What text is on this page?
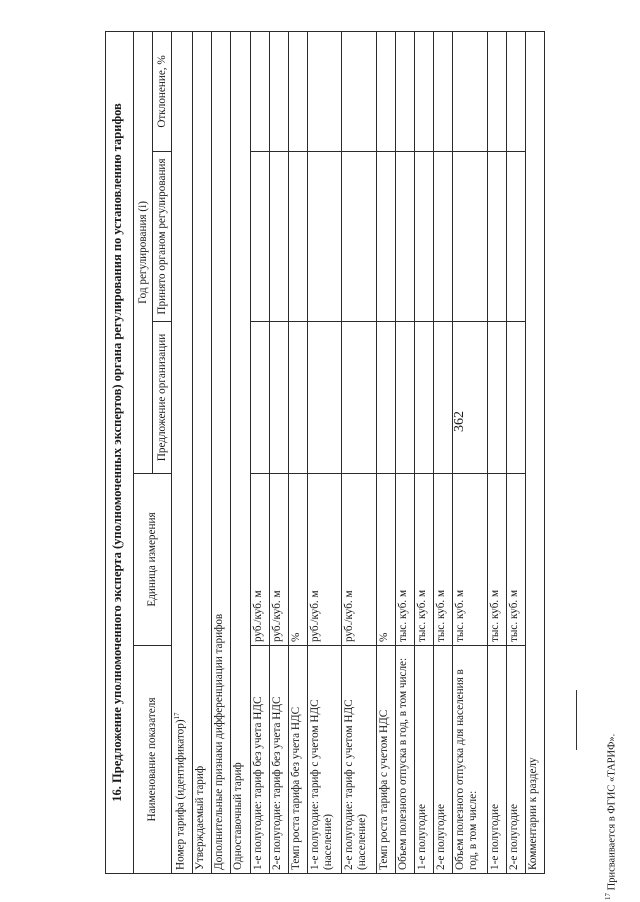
362
16. Предложение уполномоченного эксперта (уполномоченных экспертов) органа регулирования по установлению тарифов				
Наименование показателя	Единица измерения	Год регулирования (i)		
		Предложение организации	Принято органом регулирования	Отклонение, %
Номер тарифа (идентификатор)$^{17}$
Утверждаемый тариф				
Дополнительные признаки дифференциации тарифов				
Одноставочный тариф				
1-е полугодие: тариф без учета НДС	руб./куб. м			
2-е полугодие: тариф без учета НДС	руб./куб. м			
Темп роста тарифа без учета НДС	%			
1-е полугодие: тариф с учетом НДС (население)	руб./куб. м			
2-е полугодие: тариф с учетом НДС (население)	руб./куб. м			
Темп роста тарифа с учетом НДС	%			
Объем полезного отпуска в год, в том числе:	тыс. куб. м			
1-е полугодие	тыс. куб. м			
2-е полугодие	тыс. куб. м			
Объем полезного отпуска для населения в год, в том числе:	тыс. куб. м			
1-е полугодие	тыс. куб. м			
2-е полугодие	тыс. куб. м			
Комментарии к разделу				
$^{17}$ Присваивается в ФГИС «ТАРИФ».
